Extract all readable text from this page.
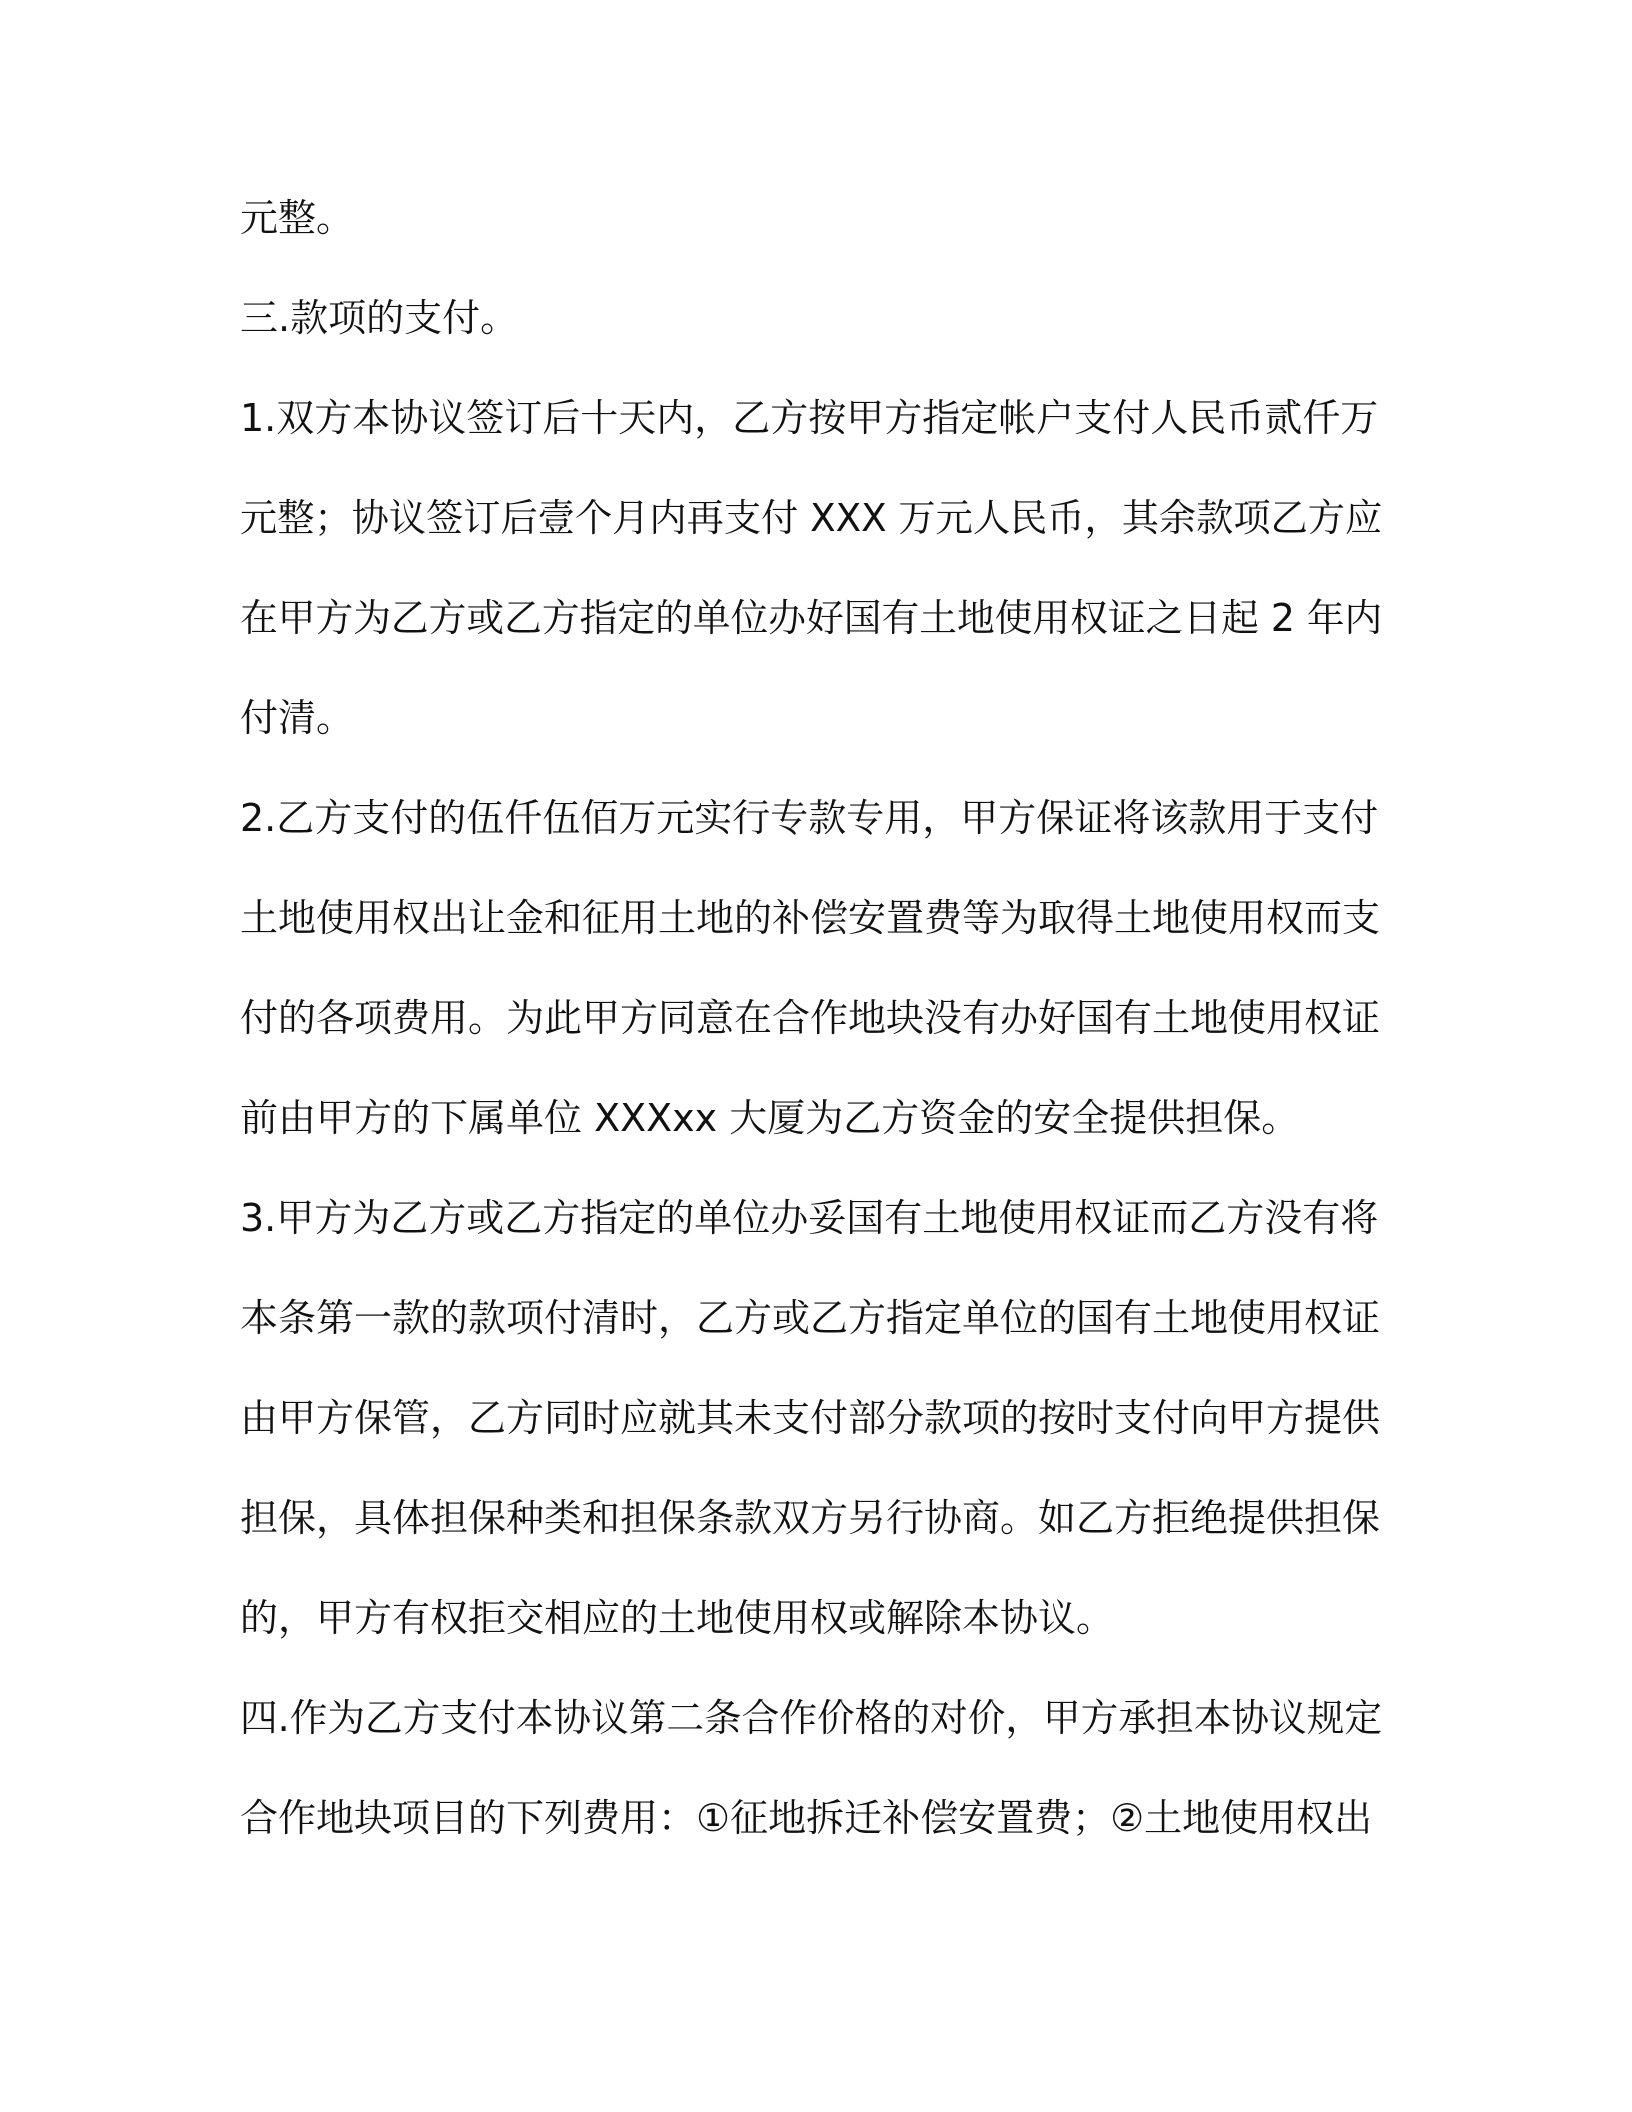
元整。
三.款项的支付。
1.双方本协议签订后十天内，乙方按甲方指定帐户支付人民币贰仟万
元整；协议签订后壹个月内再支付 XXX 万元人民币，其余款项乙方应
在甲方为乙方或乙方指定的单位办好国有土地使用权证之日起 2 年内
付清。
2.乙方支付的伍仟伍佰万元实行专款专用，甲方保证将该款用于支付
土地使用权出让金和征用土地的补偿安置费等为取得土地使用权而支
付的各项费用。为此甲方同意在合作地块没有办好国有土地使用权证
前由甲方的下属单位 XXXxx 大厦为乙方资金的安全提供担保。
3.甲方为乙方或乙方指定的单位办妥国有土地使用权证而乙方没有将
本条第一款的款项付清时，乙方或乙方指定单位的国有土地使用权证
由甲方保管，乙方同时应就其未支付部分款项的按时支付向甲方提供
担保，具体担保种类和担保条款双方另行协商。如乙方拒绝提供担保
的，甲方有权拒交相应的土地使用权或解除本协议。
四.作为乙方支付本协议第二条合作价格的对价，甲方承担本协议规定
合作地块项目的下列费用：①征地拆迁补偿安置费；②土地使用权出
